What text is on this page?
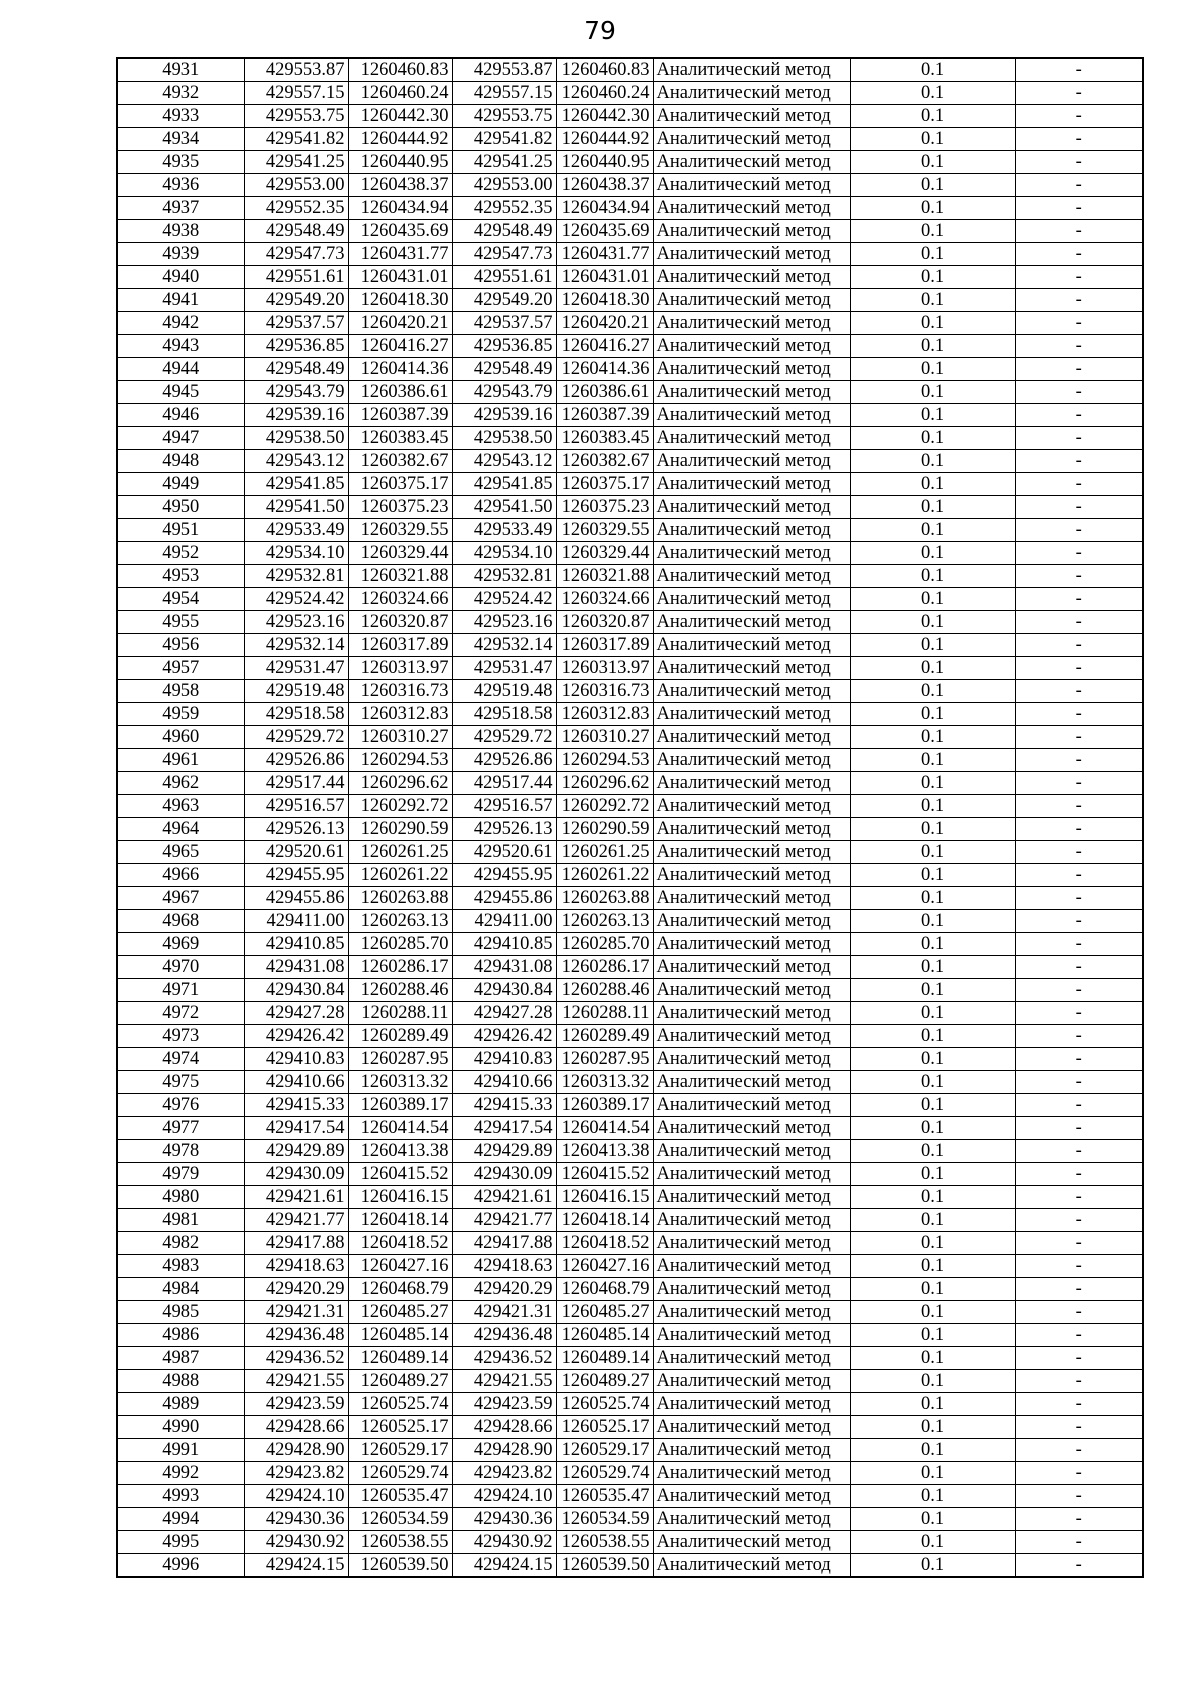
79
4931	429553.87	1260460.83	429553.87	1260460.83	Аналитический метод	0.1	-
4932	429557.15	1260460.24	429557.15	1260460.24	Аналитический метод	0.1	-
4933	429553.75	1260442.30	429553.75	1260442.30	Аналитический метод	0.1	-
4934	429541.82	1260444.92	429541.82	1260444.92	Аналитический метод	0.1	-
4935	429541.25	1260440.95	429541.25	1260440.95	Аналитический метод	0.1	-
4936	429553.00	1260438.37	429553.00	1260438.37	Аналитический метод	0.1	-
4937	429552.35	1260434.94	429552.35	1260434.94	Аналитический метод	0.1	-
4938	429548.49	1260435.69	429548.49	1260435.69	Аналитический метод	0.1	-
4939	429547.73	1260431.77	429547.73	1260431.77	Аналитический метод	0.1	-
4940	429551.61	1260431.01	429551.61	1260431.01	Аналитический метод	0.1	-
4941	429549.20	1260418.30	429549.20	1260418.30	Аналитический метод	0.1	-
4942	429537.57	1260420.21	429537.57	1260420.21	Аналитический метод	0.1	-
4943	429536.85	1260416.27	429536.85	1260416.27	Аналитический метод	0.1	-
4944	429548.49	1260414.36	429548.49	1260414.36	Аналитический метод	0.1	-
4945	429543.79	1260386.61	429543.79	1260386.61	Аналитический метод	0.1	-
4946	429539.16	1260387.39	429539.16	1260387.39	Аналитический метод	0.1	-
4947	429538.50	1260383.45	429538.50	1260383.45	Аналитический метод	0.1	-
4948	429543.12	1260382.67	429543.12	1260382.67	Аналитический метод	0.1	-
4949	429541.85	1260375.17	429541.85	1260375.17	Аналитический метод	0.1	-
4950	429541.50	1260375.23	429541.50	1260375.23	Аналитический метод	0.1	-
4951	429533.49	1260329.55	429533.49	1260329.55	Аналитический метод	0.1	-
4952	429534.10	1260329.44	429534.10	1260329.44	Аналитический метод	0.1	-
4953	429532.81	1260321.88	429532.81	1260321.88	Аналитический метод	0.1	-
4954	429524.42	1260324.66	429524.42	1260324.66	Аналитический метод	0.1	-
4955	429523.16	1260320.87	429523.16	1260320.87	Аналитический метод	0.1	-
4956	429532.14	1260317.89	429532.14	1260317.89	Аналитический метод	0.1	-
4957	429531.47	1260313.97	429531.47	1260313.97	Аналитический метод	0.1	-
4958	429519.48	1260316.73	429519.48	1260316.73	Аналитический метод	0.1	-
4959	429518.58	1260312.83	429518.58	1260312.83	Аналитический метод	0.1	-
4960	429529.72	1260310.27	429529.72	1260310.27	Аналитический метод	0.1	-
4961	429526.86	1260294.53	429526.86	1260294.53	Аналитический метод	0.1	-
4962	429517.44	1260296.62	429517.44	1260296.62	Аналитический метод	0.1	-
4963	429516.57	1260292.72	429516.57	1260292.72	Аналитический метод	0.1	-
4964	429526.13	1260290.59	429526.13	1260290.59	Аналитический метод	0.1	-
4965	429520.61	1260261.25	429520.61	1260261.25	Аналитический метод	0.1	-
4966	429455.95	1260261.22	429455.95	1260261.22	Аналитический метод	0.1	-
4967	429455.86	1260263.88	429455.86	1260263.88	Аналитический метод	0.1	-
4968	429411.00	1260263.13	429411.00	1260263.13	Аналитический метод	0.1	-
4969	429410.85	1260285.70	429410.85	1260285.70	Аналитический метод	0.1	-
4970	429431.08	1260286.17	429431.08	1260286.17	Аналитический метод	0.1	-
4971	429430.84	1260288.46	429430.84	1260288.46	Аналитический метод	0.1	-
4972	429427.28	1260288.11	429427.28	1260288.11	Аналитический метод	0.1	-
4973	429426.42	1260289.49	429426.42	1260289.49	Аналитический метод	0.1	-
4974	429410.83	1260287.95	429410.83	1260287.95	Аналитический метод	0.1	-
4975	429410.66	1260313.32	429410.66	1260313.32	Аналитический метод	0.1	-
4976	429415.33	1260389.17	429415.33	1260389.17	Аналитический метод	0.1	-
4977	429417.54	1260414.54	429417.54	1260414.54	Аналитический метод	0.1	-
4978	429429.89	1260413.38	429429.89	1260413.38	Аналитический метод	0.1	-
4979	429430.09	1260415.52	429430.09	1260415.52	Аналитический метод	0.1	-
4980	429421.61	1260416.15	429421.61	1260416.15	Аналитический метод	0.1	-
4981	429421.77	1260418.14	429421.77	1260418.14	Аналитический метод	0.1	-
4982	429417.88	1260418.52	429417.88	1260418.52	Аналитический метод	0.1	-
4983	429418.63	1260427.16	429418.63	1260427.16	Аналитический метод	0.1	-
4984	429420.29	1260468.79	429420.29	1260468.79	Аналитический метод	0.1	-
4985	429421.31	1260485.27	429421.31	1260485.27	Аналитический метод	0.1	-
4986	429436.48	1260485.14	429436.48	1260485.14	Аналитический метод	0.1	-
4987	429436.52	1260489.14	429436.52	1260489.14	Аналитический метод	0.1	-
4988	429421.55	1260489.27	429421.55	1260489.27	Аналитический метод	0.1	-
4989	429423.59	1260525.74	429423.59	1260525.74	Аналитический метод	0.1	-
4990	429428.66	1260525.17	429428.66	1260525.17	Аналитический метод	0.1	-
4991	429428.90	1260529.17	429428.90	1260529.17	Аналитический метод	0.1	-
4992	429423.82	1260529.74	429423.82	1260529.74	Аналитический метод	0.1	-
4993	429424.10	1260535.47	429424.10	1260535.47	Аналитический метод	0.1	-
4994	429430.36	1260534.59	429430.36	1260534.59	Аналитический метод	0.1	-
4995	429430.92	1260538.55	429430.92	1260538.55	Аналитический метод	0.1	-
4996	429424.15	1260539.50	429424.15	1260539.50	Аналитический метод	0.1	-
